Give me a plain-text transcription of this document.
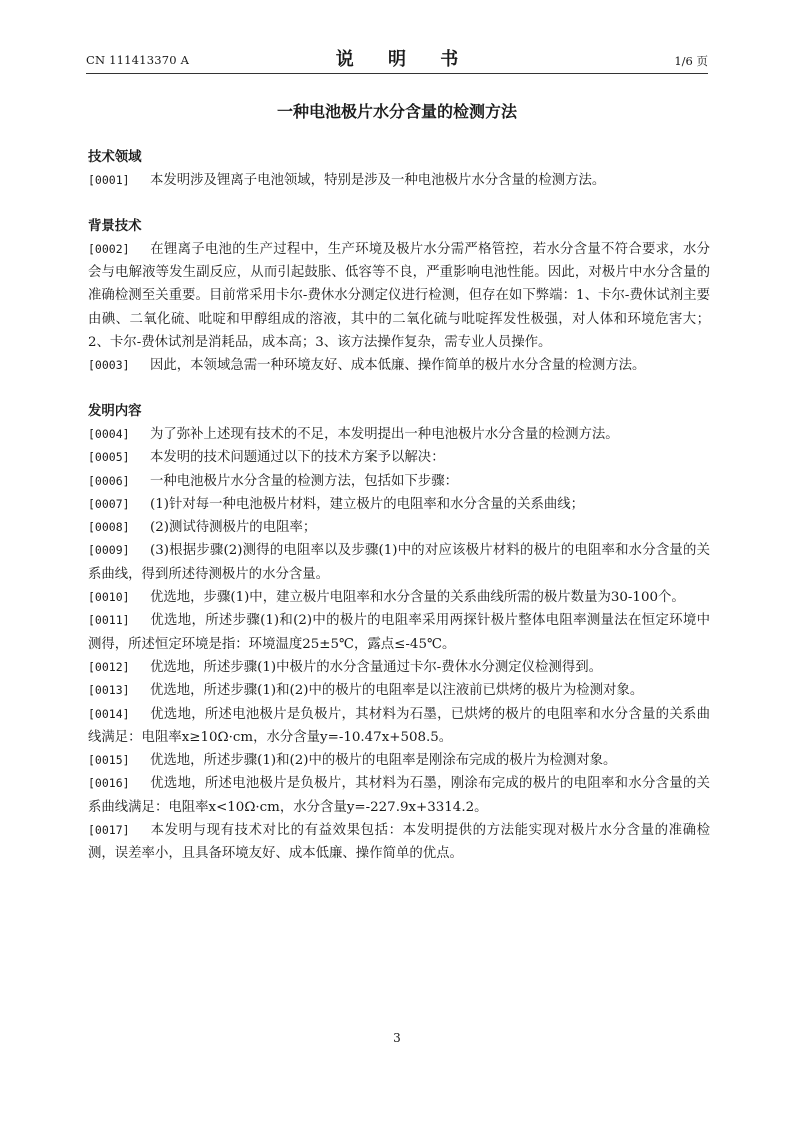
CN 111413370 A	说 明 书	1/6 页
一种电池极片水分含量的检测方法
技术领域
[0001] 本发明涉及锂离子电池领域，特别是涉及一种电池极片水分含量的检测方法。
背景技术
[0002] 在锂离子电池的生产过程中，生产环境及极片水分需严格管控，若水分含量不符合要求，水分会与电解液等发生副反应，从而引起鼓胀、低容等不良，严重影响电池性能。因此，对极片中水分含量的准确检测至关重要。目前常采用卡尔-费休水分测定仪进行检测，但存在如下弊端：1、卡尔-费休试剂主要由碘、二氧化硫、吡啶和甲醇组成的溶液，其中的二氧化硫与吡啶挥发性极强，对人体和环境危害大；2、卡尔-费休试剂是消耗品，成本高；3、该方法操作复杂，需专业人员操作。
[0003] 因此，本领域急需一种环境友好、成本低廉、操作简单的极片水分含量的检测方法。
发明内容
[0004] 为了弥补上述现有技术的不足，本发明提出一种电池极片水分含量的检测方法。
[0005] 本发明的技术问题通过以下的技术方案予以解决：
[0006] 一种电池极片水分含量的检测方法，包括如下步骤：
[0007] (1)针对每一种电池极片材料，建立极片的电阻率和水分含量的关系曲线；
[0008] (2)测试待测极片的电阻率；
[0009] (3)根据步骤(2)测得的电阻率以及步骤(1)中的对应该极片材料的极片的电阻率和水分含量的关系曲线，得到所述待测极片的水分含量。
[0010] 优选地，步骤(1)中，建立极片电阻率和水分含量的关系曲线所需的极片数量为30-100个。
[0011] 优选地，所述步骤(1)和(2)中的极片的电阻率采用两探针极片整体电阻率测量法在恒定环境中测得，所述恒定环境是指：环境温度25±5℃，露点≤-45℃。
[0012] 优选地，所述步骤(1)中极片的水分含量通过卡尔-费休水分测定仪检测得到。
[0013] 优选地，所述步骤(1)和(2)中的极片的电阻率是以注液前已烘烤的极片为检测对象。
[0014] 优选地，所述电池极片是负极片，其材料为石墨，已烘烤的极片的电阻率和水分含量的关系曲线满足：电阻率x≥10Ω·cm，水分含量y=-10.47x+508.5。
[0015] 优选地，所述步骤(1)和(2)中的极片的电阻率是刚涂布完成的极片为检测对象。
[0016] 优选地，所述电池极片是负极片，其材料为石墨，刚涂布完成的极片的电阻率和水分含量的关系曲线满足：电阻率x<10Ω·cm，水分含量y=-227.9x+3314.2。
[0017] 本发明与现有技术对比的有益效果包括：本发明提供的方法能实现对极片水分含量的准确检测，误差率小，且具备环境友好、成本低廉、操作简单的优点。
3
